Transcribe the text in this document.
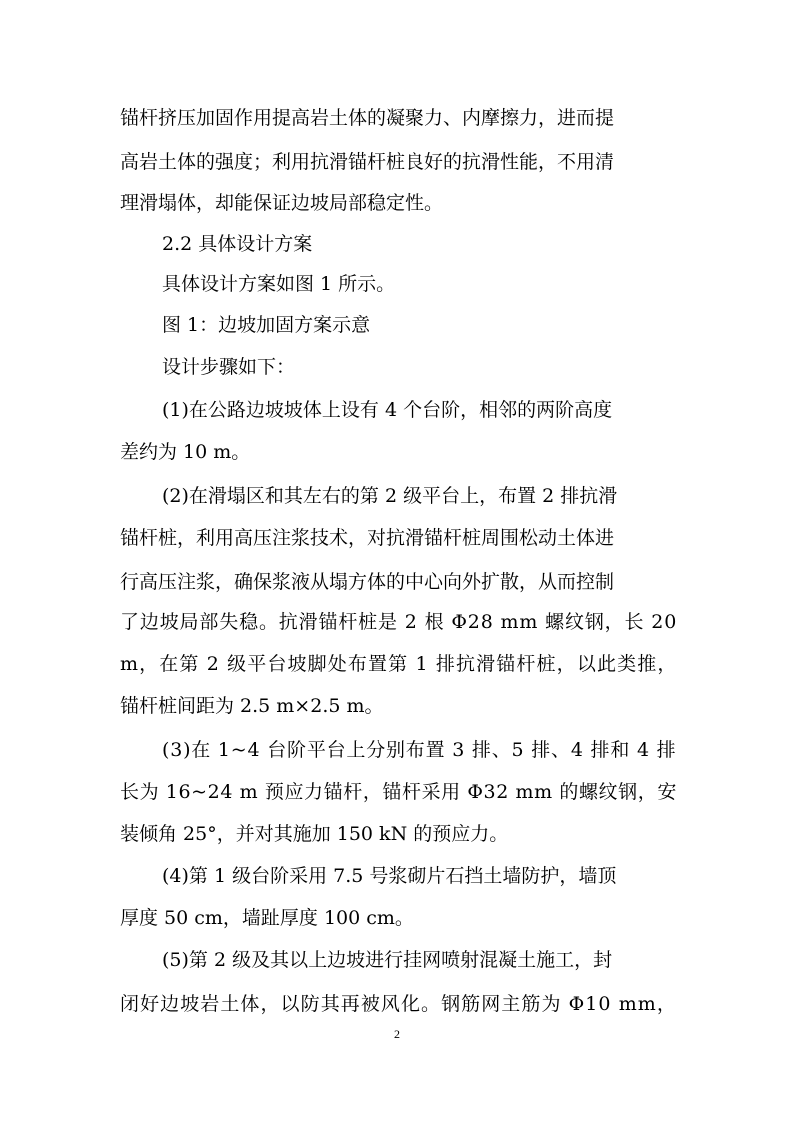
锚杆挤压加固作用提高岩土体的凝聚力、内摩擦力，进而提
高岩土体的强度；利用抗滑锚杆桩良好的抗滑性能，不用清
理滑塌体，却能保证边坡局部稳定性。
2.2 具体设计方案
具体设计方案如图 1 所示。
图 1：边坡加固方案示意
设计步骤如下：
(1)在公路边坡坡体上设有 4 个台阶，相邻的两阶高度
差约为 10 m。
(2)在滑塌区和其左右的第 2 级平台上，布置 2 排抗滑
锚杆桩，利用高压注浆技术，对抗滑锚杆桩周围松动土体进
行高压注浆，确保浆液从塌方体的中心向外扩散，从而控制
了边坡局部失稳。抗滑锚杆桩是 2 根 Φ28 mm 螺纹钢，长 20
m，在第 2 级平台坡脚处布置第 1 排抗滑锚杆桩，以此类推，
锚杆桩间距为 2.5 m×2.5 m。
(3)在 1~4 台阶平台上分别布置 3 排、5 排、4 排和 4 排
长为 16~24 m 预应力锚杆，锚杆采用 Φ32 mm 的螺纹钢，安
装倾角 25°，并对其施加 150 kN 的预应力。
(4)第 1 级台阶采用 7.5 号浆砌片石挡土墙防护，墙顶
厚度 50 cm，墙趾厚度 100 cm。
(5)第 2 级及其以上边坡进行挂网喷射混凝土施工，封
闭好边坡岩土体，以防其再被风化。钢筋网主筋为 Φ10 mm，
2
